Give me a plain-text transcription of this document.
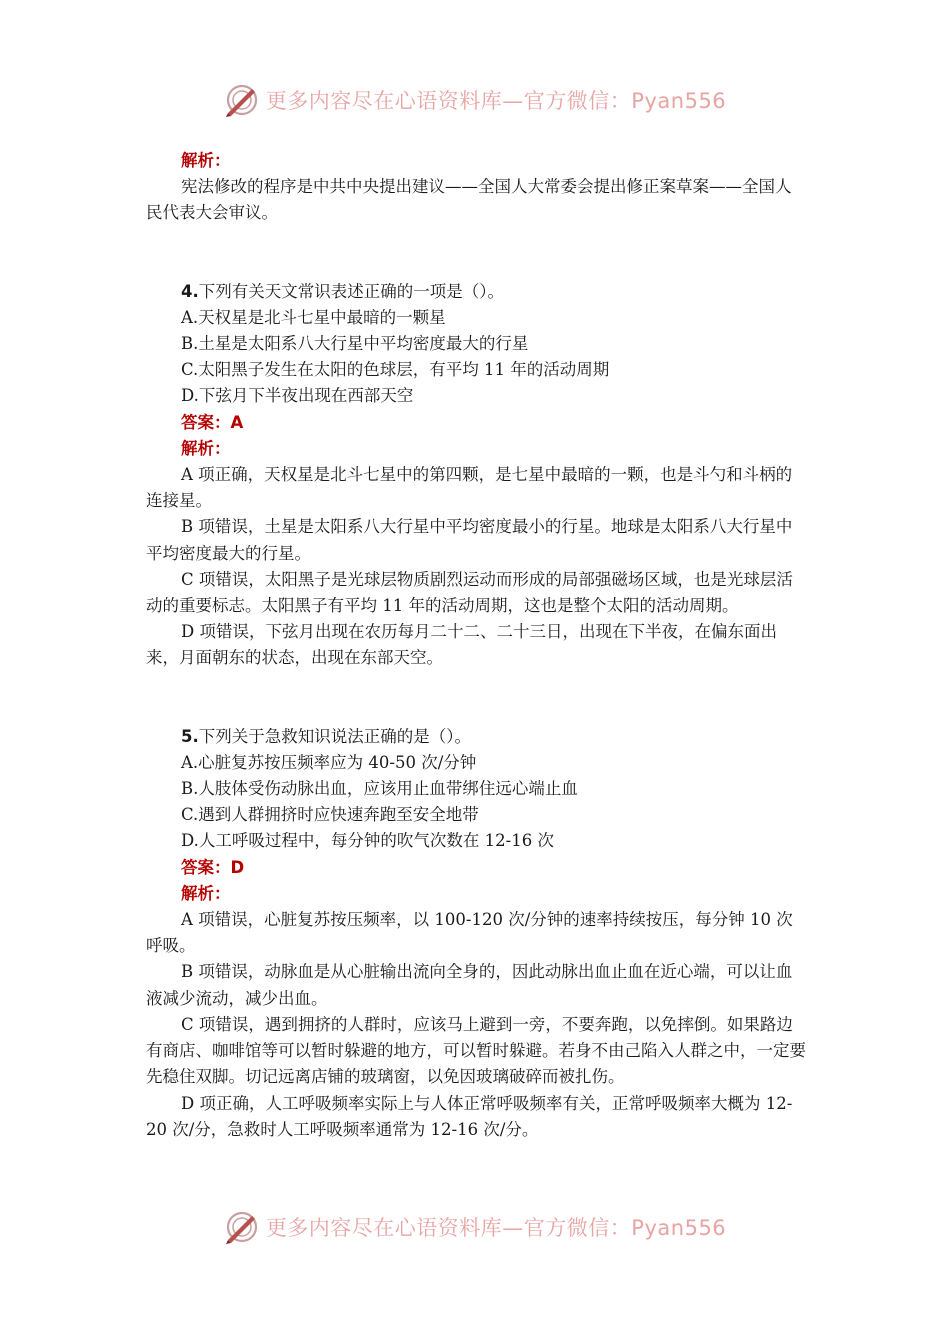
更多内容尽在心语资料库—官方微信：Pyan556
解析：

宪法修改的程序是中共中央提出建议——全国人大常委会提出修正案草案——全国人民代表大会审议。

4.下列有关天文常识表述正确的一项是（）。

A.天权星是北斗七星中最暗的一颗星

B.土星是太阳系八大行星中平均密度最大的行星

C.太阳黑子发生在太阳的色球层，有平均 11 年的活动周期

D.下弦月下半夜出现在西部天空

答案：A
解析：

A 项正确，天权星是北斗七星中的第四颗，是七星中最暗的一颗，也是斗勺和斗柄的连接星。

B 项错误，土星是太阳系八大行星中平均密度最小的行星。地球是太阳系八大行星中平均密度最大的行星。

C 项错误，太阳黑子是光球层物质剧烈运动而形成的局部强磁场区域，也是光球层活动的重要标志。太阳黑子有平均 11 年的活动周期，这也是整个太阳的活动周期。

D 项错误，下弦月出现在农历每月二十二、二十三日，出现在下半夜，在偏东面出来，月面朝东的状态，出现在东部天空。

5.下列关于急救知识说法正确的是（）。

A.心脏复苏按压频率应为 40-50 次/分钟

B.人肢体受伤动脉出血，应该用止血带绑住远心端止血

C.遇到人群拥挤时应快速奔跑至安全地带

D.人工呼吸过程中，每分钟的吹气次数在 12-16 次

答案：D
解析：

A 项错误，心脏复苏按压频率，以 100-120 次/分钟的速率持续按压，每分钟 10 次呼吸。

B 项错误，动脉血是从心脏输出流向全身的，因此动脉出血止血在近心端，可以让血液减少流动，减少出血。

C 项错误，遇到拥挤的人群时，应该马上避到一旁，不要奔跑，以免摔倒。如果路边有商店、咖啡馆等可以暂时躲避的地方，可以暂时躲避。若身不由己陷入人群之中，一定要先稳住双脚。切记远离店铺的玻璃窗，以免因玻璃破碎而被扎伤。

D 项正确，人工呼吸频率实际上与人体正常呼吸频率有关，正常呼吸频率大概为 12-20 次/分，急救时人工呼吸频率通常为 12-16 次/分。

更多内容尽在心语资料库—官方微信：Pyan556
